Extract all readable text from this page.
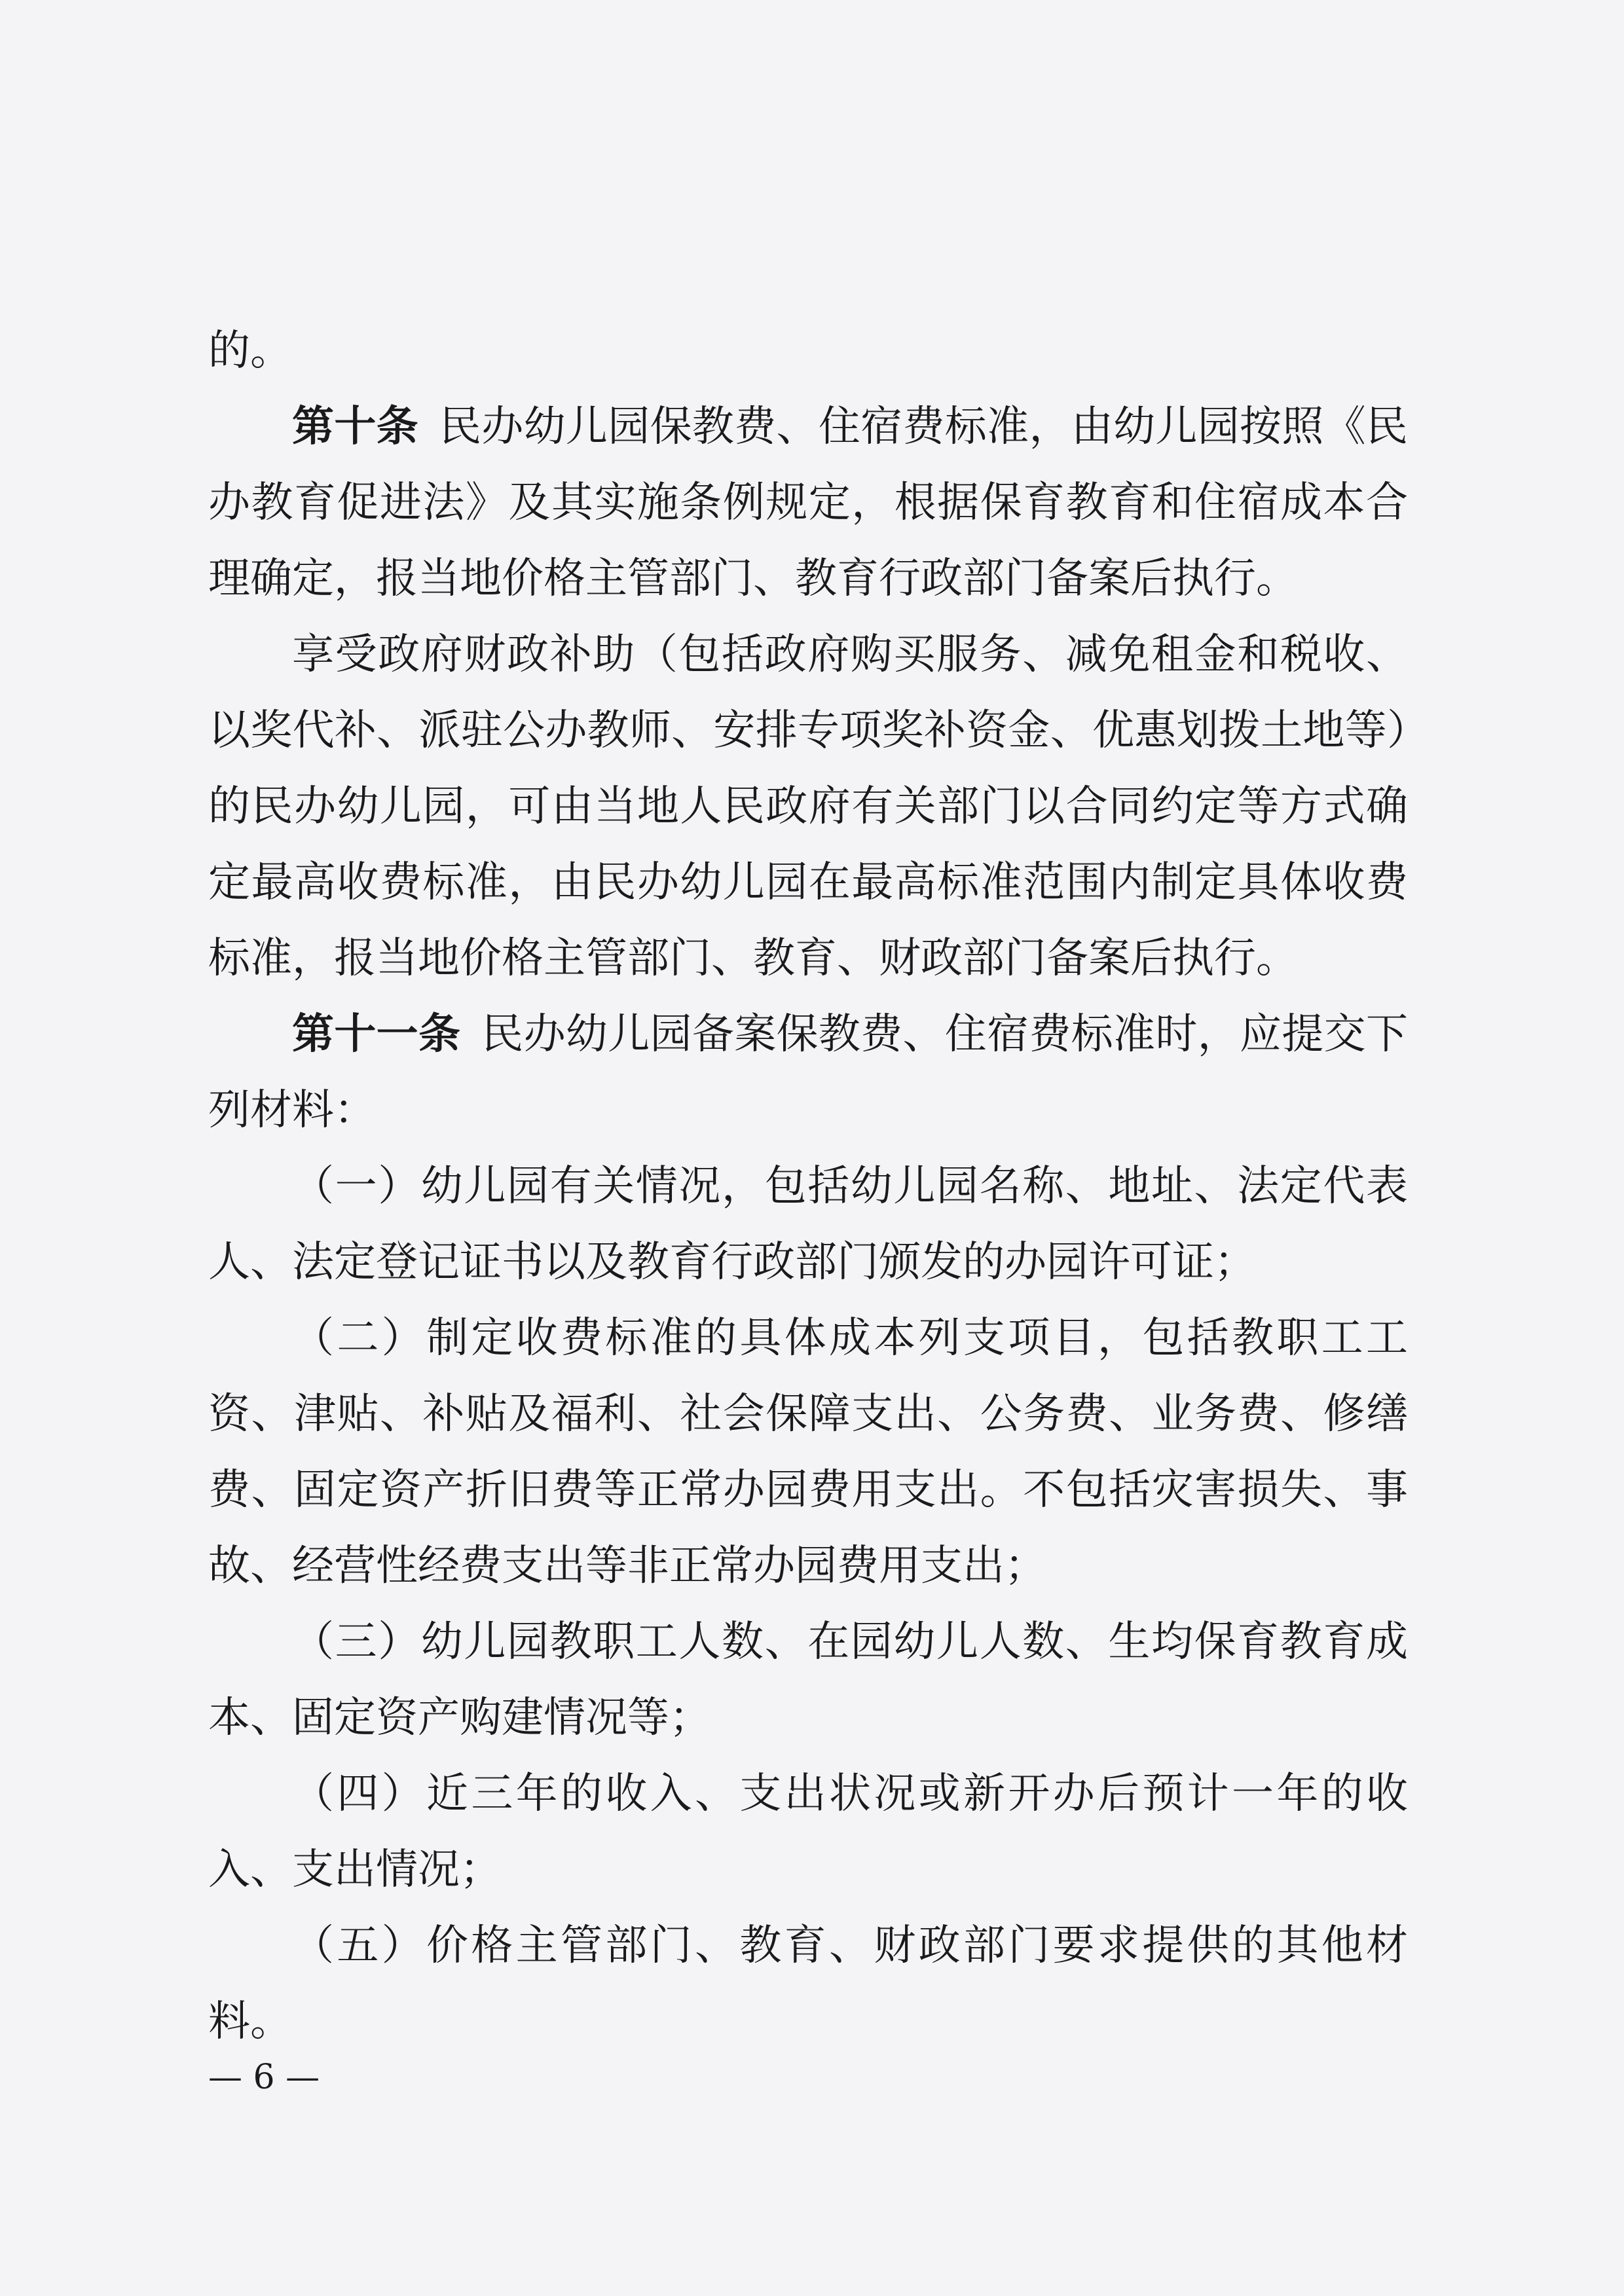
的。

第十条 民办幼儿园保教费、住宿费标准，由幼儿园按照《民办教育促进法》及其实施条例规定，根据保育教育和住宿成本合理确定，报当地价格主管部门、教育行政部门备案后执行。

享受政府财政补助（包括政府购买服务、减免租金和税收、以奖代补、派驻公办教师、安排专项奖补资金、优惠划拨土地等）的民办幼儿园，可由当地人民政府有关部门以合同约定等方式确定最高收费标准，由民办幼儿园在最高标准范围内制定具体收费标准，报当地价格主管部门、教育、财政部门备案后执行。

第十一条 民办幼儿园备案保教费、住宿费标准时，应提交下列材料：

（一）幼儿园有关情况，包括幼儿园名称、地址、法定代表人、法定登记证书以及教育行政部门颁发的办园许可证；

（二）制定收费标准的具体成本列支项目，包括教职工工资、津贴、补贴及福利、社会保障支出、公务费、业务费、修缮费、固定资产折旧费等正常办园费用支出。不包括灾害损失、事故、经营性经费支出等非正常办园费用支出；

（三）幼儿园教职工人数、在园幼儿人数、生均保育教育成本、固定资产购建情况等；

（四）近三年的收入、支出状况或新开办后预计一年的收入、支出情况；

（五）价格主管部门、教育、财政部门要求提供的其他材料。

— 6 —
